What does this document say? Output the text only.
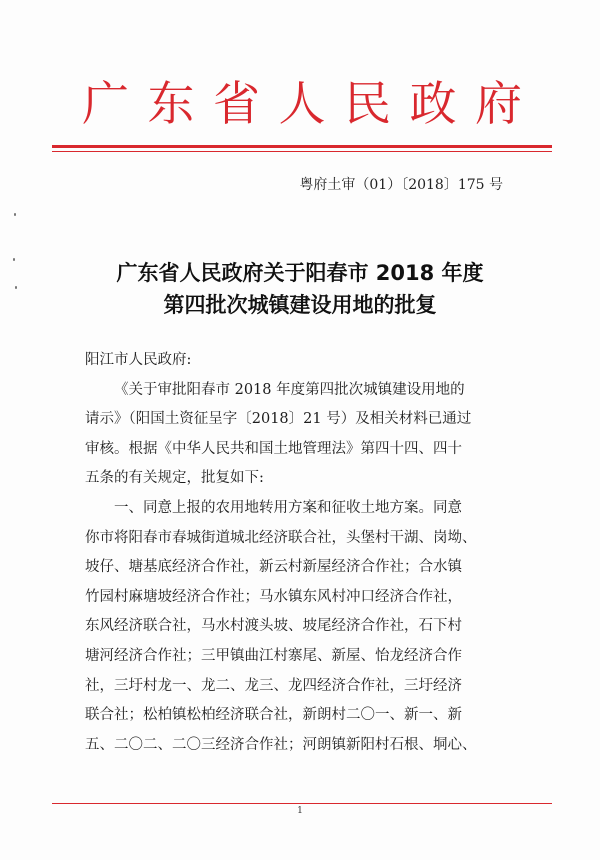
广 东 省 人 民 政 府
粤府土审（01）〔2018〕175 号
广东省人民政府关于阳春市 2018 年度
第四批次城镇建设用地的批复

阳江市人民政府:

《关于审批阳春市 2018 年度第四批次城镇建设用地的

请示》（阳国土资征呈字〔2018〕21 号）及相关材料已通过

审核。根据《中华人民共和国土地管理法》第四十四、四十

五条的有关规定，批复如下:

一、同意上报的农用地转用方案和征收土地方案。同意

你市将阳春市春城街道城北经济联合社，头堡村干湖、岗坳、

坡仔、塘基底经济合作社，新云村新屋经济合作社；合水镇

竹园村麻塘坡经济合作社；马水镇东风村冲口经济合作社，

东风经济联合社，马水村渡头坡、坡尾经济合作社，石下村

塘河经济合作社；三甲镇曲江村寨尾、新屋、怡龙经济合作

社，三圩村龙一、龙二、龙三、龙四经济合作社，三圩经济

联合社；松柏镇松柏经济联合社，新朗村二〇一、新一、新

五、二〇二、二〇三经济合作社；河朗镇新阳村石根、垌心、

1
